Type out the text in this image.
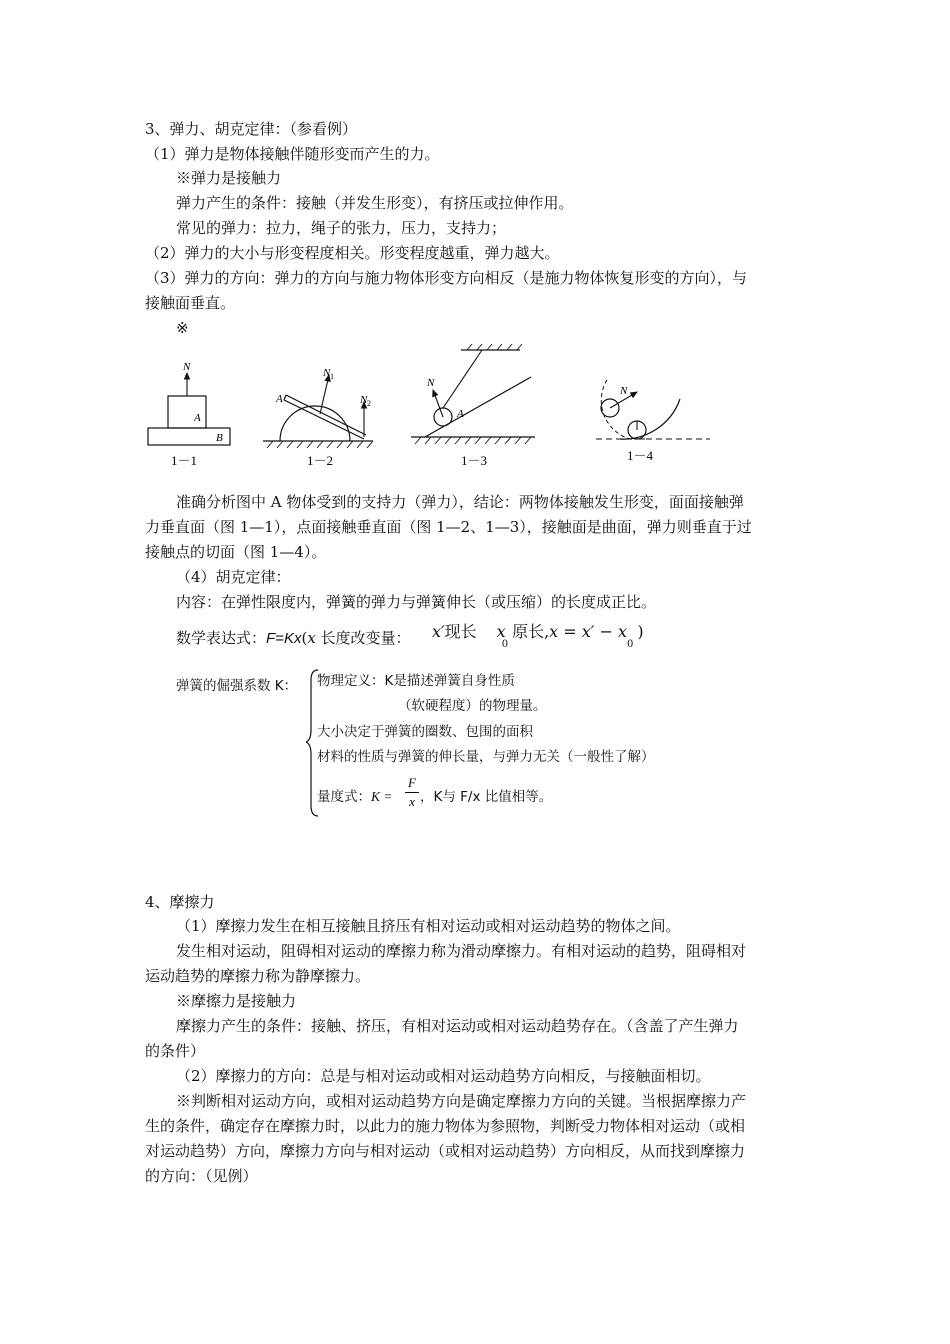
3、弹力、胡克定律：（参看例）
（1）弹力是物体接触伴随形变而产生的力。
※弹力是接触力
弹力产生的条件：接触（并发生形变），有挤压或拉伸作用。
常见的弹力：拉力，绳子的张力，压力，支持力；
（2）弹力的大小与形变程度相关。形变程度越重，弹力越大。
（3）弹力的方向：弹力的方向与施力物体形变方向相反（是施力物体恢复形变的方向），与
接触面垂直。
※
N
A
B
A
N 1
N 2
N
A
N
1－1	1－2	1－3	1－4
准确分析图中 A 物体受到的支持力（弹力），结论：两物体接触发生形变，面面接触弹
力垂直面（图 1—1），点面接触垂直面（图 1—2、1—3），接触面是曲面，弹力则垂直于过
接触点的切面（图 1—4）。
（4）胡克定律：
内容：在弹性限度内，弹簧的弹力与弹簧伸长（或压缩）的长度成正比。
数学表达式：F=Kx(x 长度改变量： x′现长 $x_0$原长$,x = x' - x_0$)
弹簧的倔强系数 K： 物理定义：K是描述弹簧自身性质
（软硬程度）的物理量。
大小决定于弹簧的圈数、包围的面积
材料的性质与弹簧的伸长量，与弹力无关（一般性了解）
量度式：K =
F
x ，K与 F/x 比值相等。
4、摩擦力
（1）摩擦力发生在相互接触且挤压有相对运动或相对运动趋势的物体之间。
发生相对运动，阻碍相对运动的摩擦力称为滑动摩擦力。有相对运动的趋势，阻碍相对
运动趋势的摩擦力称为静摩擦力。
※摩擦力是接触力
摩擦力产生的条件：接触、挤压，有相对运动或相对运动趋势存在。（含盖了产生弹力
的条件）
（2）摩擦力的方向：总是与相对运动或相对运动趋势方向相反，与接触面相切。
※判断相对运动方向，或相对运动趋势方向是确定摩擦力方向的关键。当根据摩擦力产
生的条件，确定存在摩擦力时，以此力的施力物体为参照物，判断受力物体相对运动（或相
对运动趋势）方向，摩擦力方向与相对运动（或相对运动趋势）方向相反，从而找到摩擦力
的方向：（见例）
